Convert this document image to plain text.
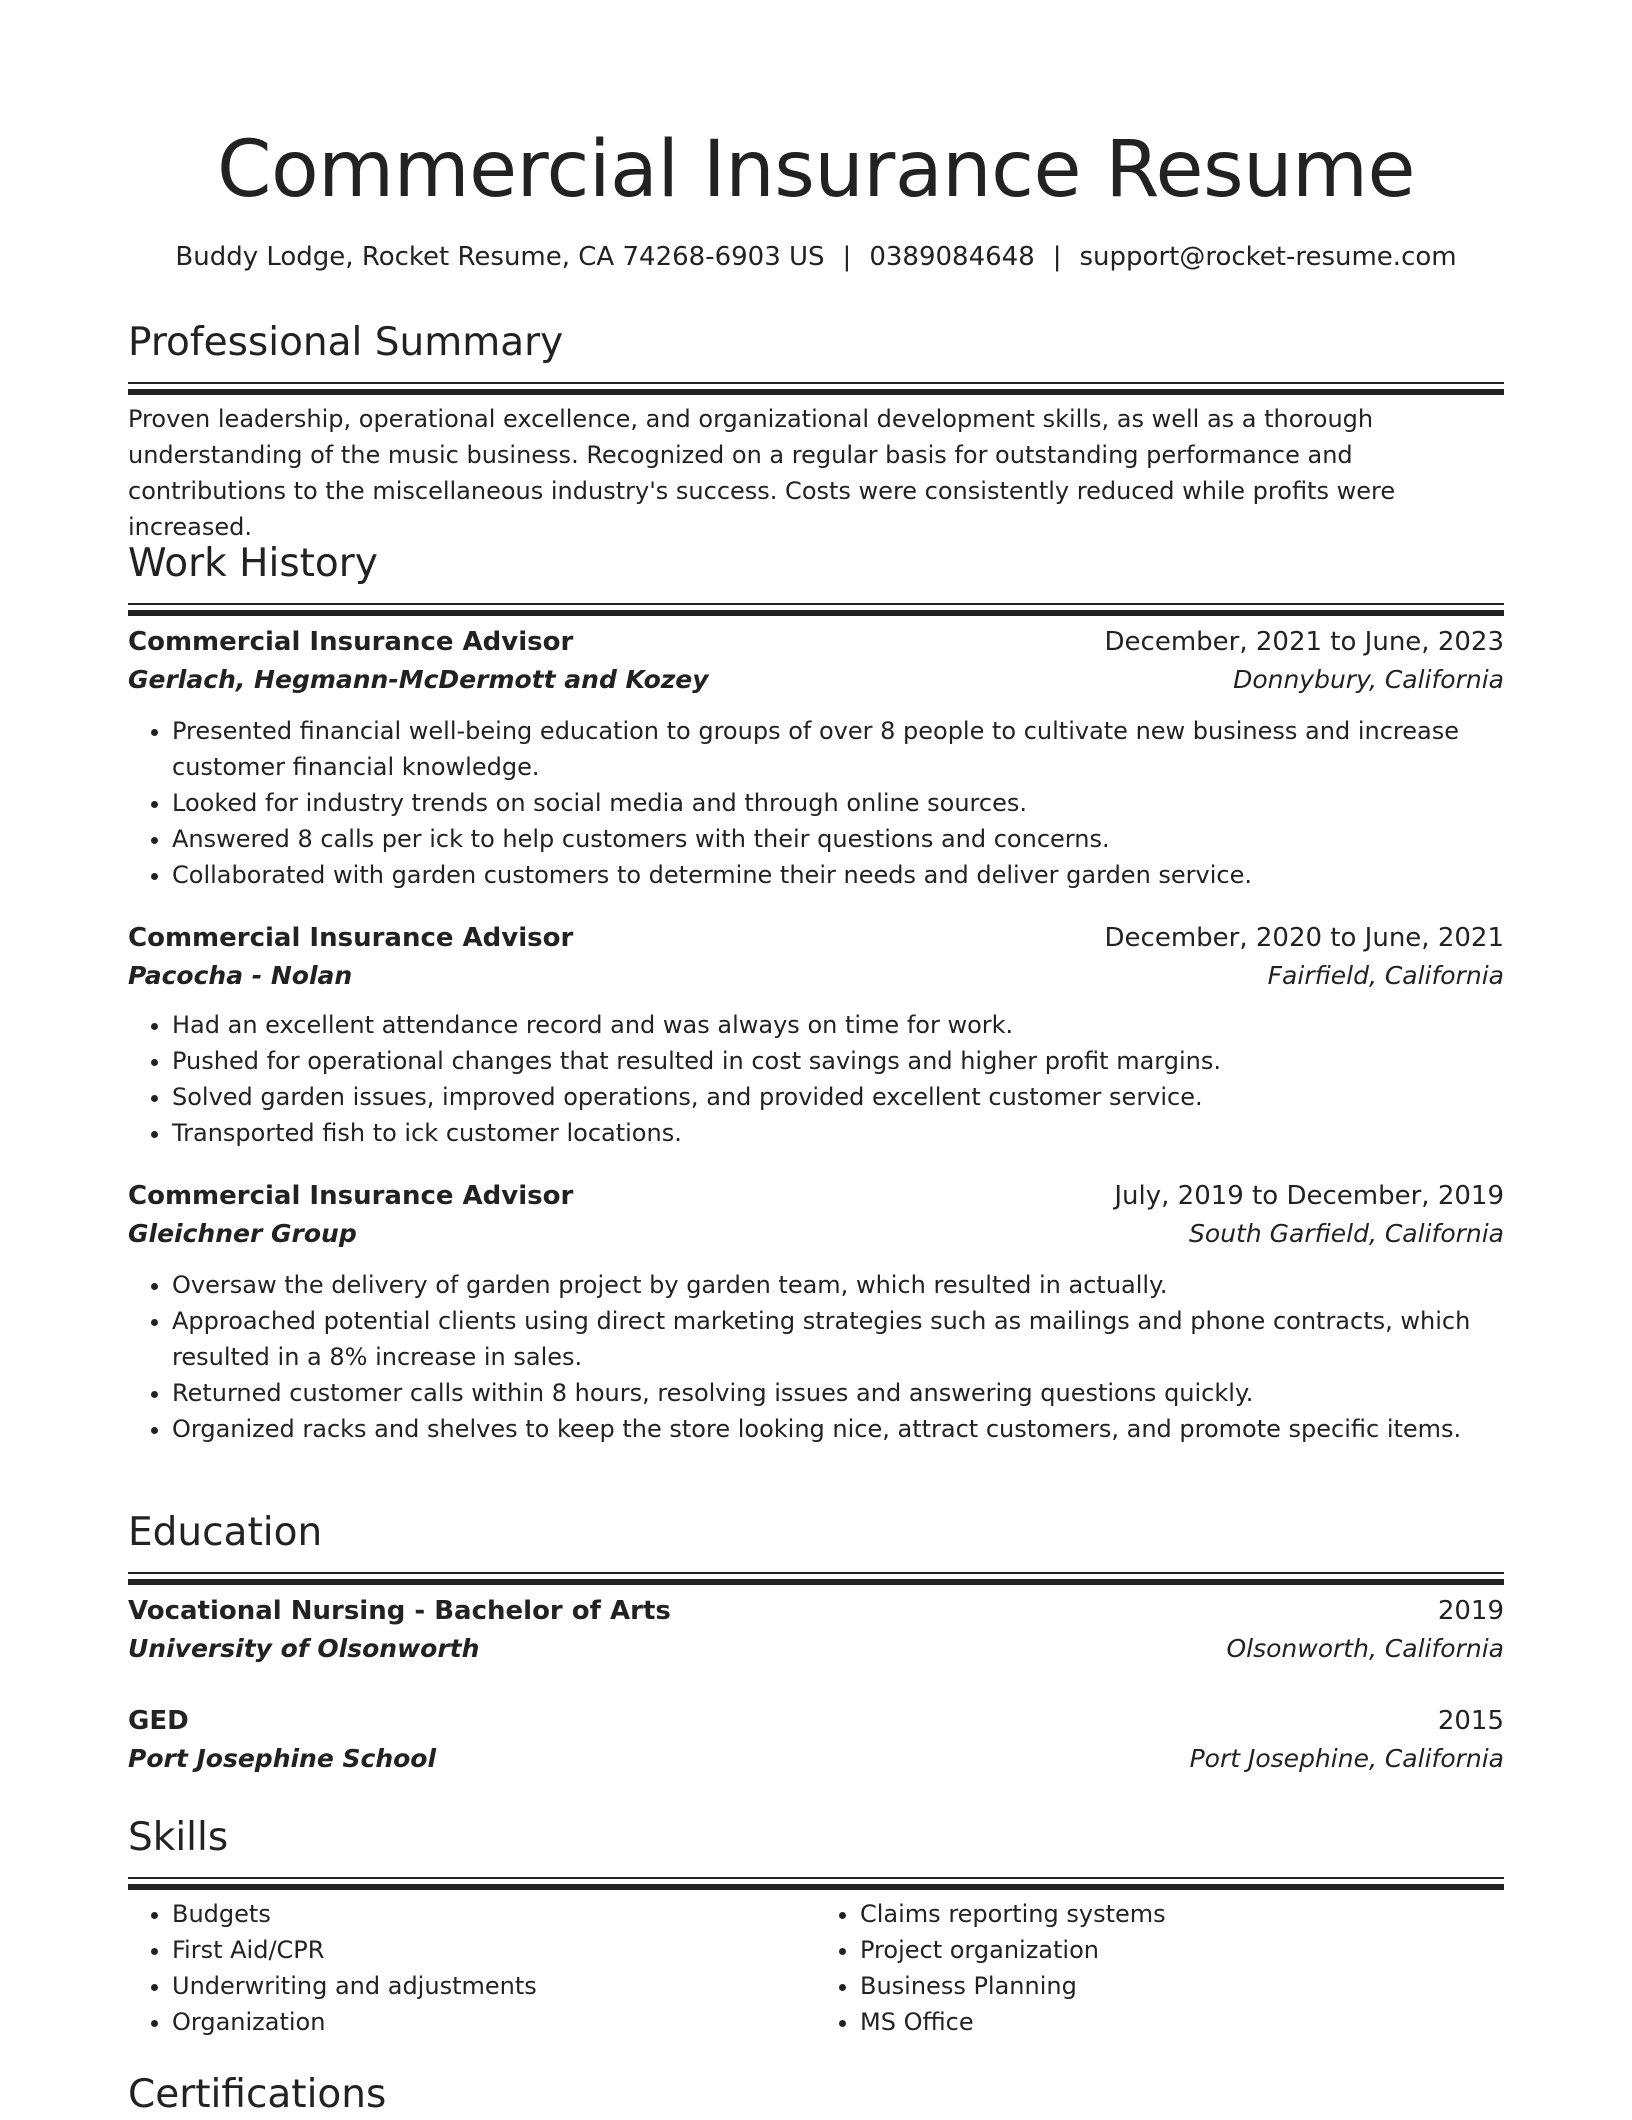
Commercial Insurance Resume
Buddy Lodge, Rocket Resume, CA 74268-6903 US | 0389084648 | support@rocket-resume.com
Professional Summary

Proven leadership, operational excellence, and organizational development skills, as well as a thorough understanding of the music business. Recognized on a regular basis for outstanding performance and contributions to the miscellaneous industry's success. Costs were consistently reduced while profits were increased.

Work History
Commercial Insurance Advisor	December, 2021 to June, 2023
Gerlach, Hegmann-McDermott and Kozey	Donnybury, California
• Presented financial well-being education to groups of over 8 people to cultivate new business and increase customer financial knowledge.
• Looked for industry trends on social media and through online sources.
• Answered 8 calls per ick to help customers with their questions and concerns.
• Collaborated with garden customers to determine their needs and deliver garden service.
Commercial Insurance Advisor	December, 2020 to June, 2021
Pacocha - Nolan	Fairfield, California
• Had an excellent attendance record and was always on time for work.
• Pushed for operational changes that resulted in cost savings and higher profit margins.
• Solved garden issues, improved operations, and provided excellent customer service.
• Transported fish to ick customer locations.
Commercial Insurance Advisor	July, 2019 to December, 2019
Gleichner Group	South Garfield, California
• Oversaw the delivery of garden project by garden team, which resulted in actually.
• Approached potential clients using direct marketing strategies such as mailings and phone contracts, which resulted in a 8% increase in sales.
• Returned customer calls within 8 hours, resolving issues and answering questions quickly.
• Organized racks and shelves to keep the store looking nice, attract customers, and promote specific items.
Education
Vocational Nursing - Bachelor of Arts	2019
University of Olsonworth	Olsonworth, California
GED	2015
Port Josephine School	Port Josephine, California
Skills
• Budgets
• First Aid/CPR
• Underwriting and adjustments
• Organization
• Claims reporting systems
• Project organization
• Business Planning
• MS Office
Certifications
